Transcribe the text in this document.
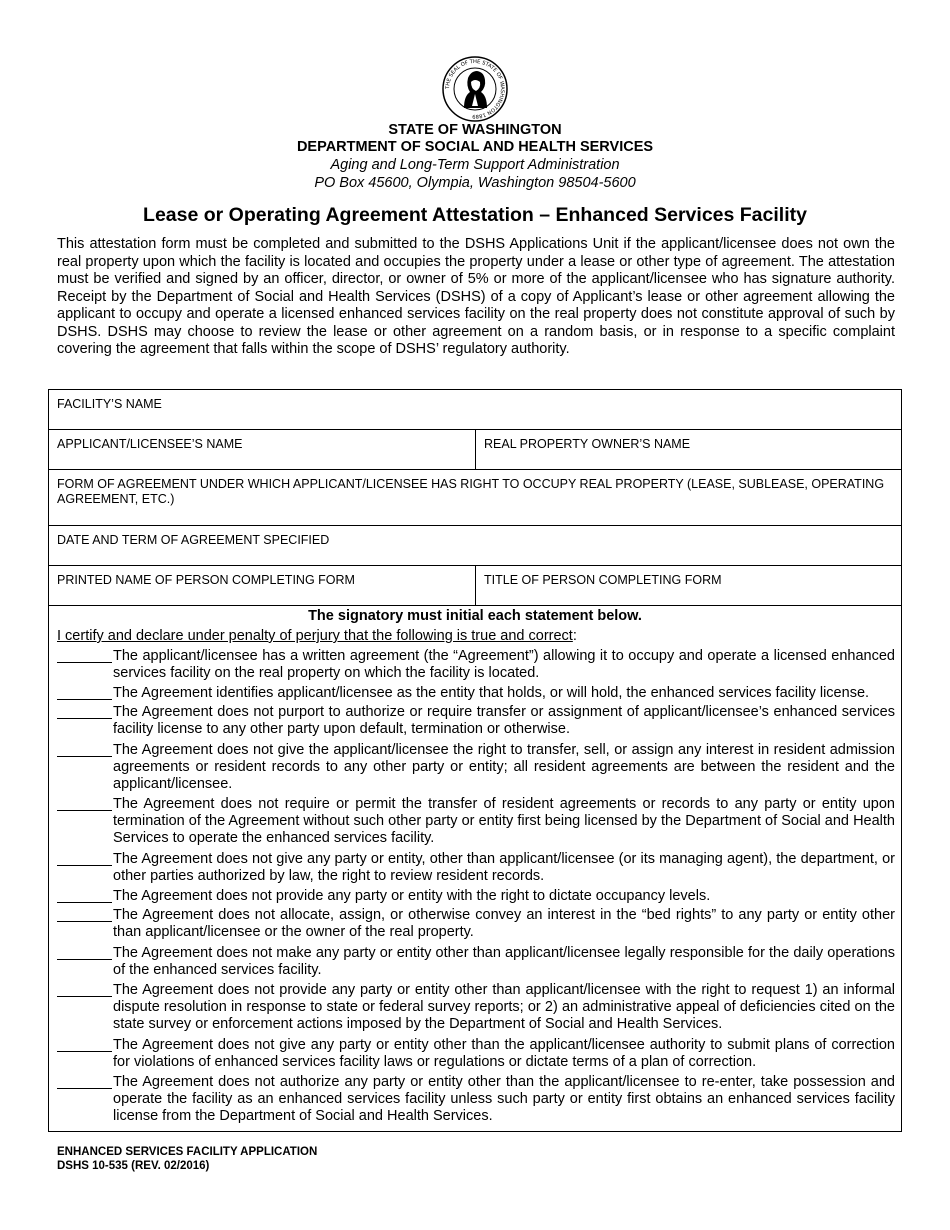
THE SEAL OF THE STATE OF WASHINGTON 1889
STATE OF WASHINGTON
DEPARTMENT OF SOCIAL AND HEALTH SERVICES
Aging and Long-Term Support Administration
PO Box 45600, Olympia, Washington 98504-5600
Lease or Operating Agreement Attestation – Enhanced Services Facility
This attestation form must be completed and submitted to the DSHS Applications Unit if the applicant/licensee does not own the real property upon which the facility is located and occupies the property under a lease or other type of agreement. The attestation must be verified and signed by an officer, director, or owner of 5% or more of the applicant/licensee who has signature authority. Receipt by the Department of Social and Health Services (DSHS) of a copy of Applicant’s lease or other agreement allowing the applicant to occupy and operate a licensed enhanced services facility on the real property does not constitute approval of such by DSHS. DSHS may choose to review the lease or other agreement on a random basis, or in response to a specific complaint covering the agreement that falls within the scope of DSHS’ regulatory authority.
FACILITY’S NAME
APPLICANT/LICENSEE’S NAME	REAL PROPERTY OWNER’S NAME
FORM OF AGREEMENT UNDER WHICH APPLICANT/LICENSEE HAS RIGHT TO OCCUPY REAL PROPERTY (LEASE, SUBLEASE, OPERATING AGREEMENT, ETC.)
DATE AND TERM OF AGREEMENT SPECIFIED
PRINTED NAME OF PERSON COMPLETING FORM	TITLE OF PERSON COMPLETING FORM
The signatory must initial each statement below.
I certify and declare under penalty of perjury that the following is true and correct:
The applicant/licensee has a written agreement (the “Agreement”) allowing it to occupy and operate a licensed enhanced services facility on the real property on which the facility is located.
The Agreement identifies applicant/licensee as the entity that holds, or will hold, the enhanced services facility license.
The Agreement does not purport to authorize or require transfer or assignment of applicant/licensee’s enhanced services facility license to any other party upon default, termination or otherwise.
The Agreement does not give the applicant/licensee the right to transfer, sell, or assign any interest in resident admission agreements or resident records to any other party or entity; all resident agreements are between the resident and the applicant/licensee.
The Agreement does not require or permit the transfer of resident agreements or records to any party or entity upon termination of the Agreement without such other party or entity first being licensed by the Department of Social and Health Services to operate the enhanced services facility.
The Agreement does not give any party or entity, other than applicant/licensee (or its managing agent), the department, or other parties authorized by law, the right to review resident records.
The Agreement does not provide any party or entity with the right to dictate occupancy levels.
The Agreement does not allocate, assign, or otherwise convey an interest in the “bed rights” to any party or entity other than applicant/licensee or the owner of the real property.
The Agreement does not make any party or entity other than applicant/licensee legally responsible for the daily operations of the enhanced services facility.
The Agreement does not provide any party or entity other than applicant/licensee with the right to request 1) an informal dispute resolution in response to state or federal survey reports; or 2) an administrative appeal of deficiencies cited on the state survey or enforcement actions imposed by the Department of Social and Health Services.
The Agreement does not give any party or entity other than the applicant/licensee authority to submit plans of correction for violations of enhanced services facility laws or regulations or dictate terms of a plan of correction.
The Agreement does not authorize any party or entity other than the applicant/licensee to re-enter, take possession and operate the facility as an enhanced services facility unless such party or entity first obtains an enhanced services facility license from the Department of Social and Health Services.
ENHANCED SERVICES FACILITY APPLICATION
DSHS 10-535 (REV. 02/2016)
